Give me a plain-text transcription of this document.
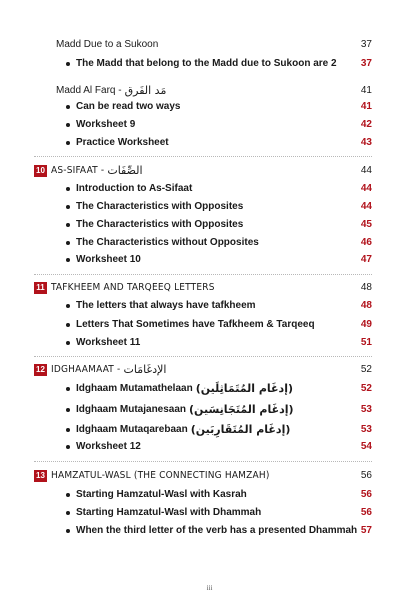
Madd Due to a Sukoon	37
The Madd that belong to the Madd due to Sukoon are 2	37
Madd Al Farq - مَد الفَرق	41
Can be read two ways	41
Worksheet 9	42
Practice Worksheet	43
10 AS-SIFAAT - الصِّفَات	44
Introduction to As-Sifaat	44
The Characteristics with Opposites	44
The Characteristics with Opposites	45
The Characteristics without Opposites	46
Worksheet 10	47
11 TAFKHEEM AND TARQEEQ LETTERS	48
The letters that always have tafkheem	48
Letters That Sometimes have Tafkheem & Tarqeeq	49
Worksheet 11	51
12 IDGHAAMAAT - الإدغَامَات	52
Idghaam Mutamathelaan (إدغَام المُتَمَاثِلَين)	52
Idghaam Mutajanesaan (إدغَام المُتَجَانِسَين)	53
Idghaam Mutaqarebaan (إدغَام المُتَقَارِبَين)	53
Worksheet 12	54
13 HAMZATUL-WASL (THE CONNECTING HAMZAH)	56
Starting Hamzatul-Wasl with Kasrah	56
Starting Hamzatul-Wasl with Dhammah	56
When the third letter of the verb has a presented Dhammah 57
iii
